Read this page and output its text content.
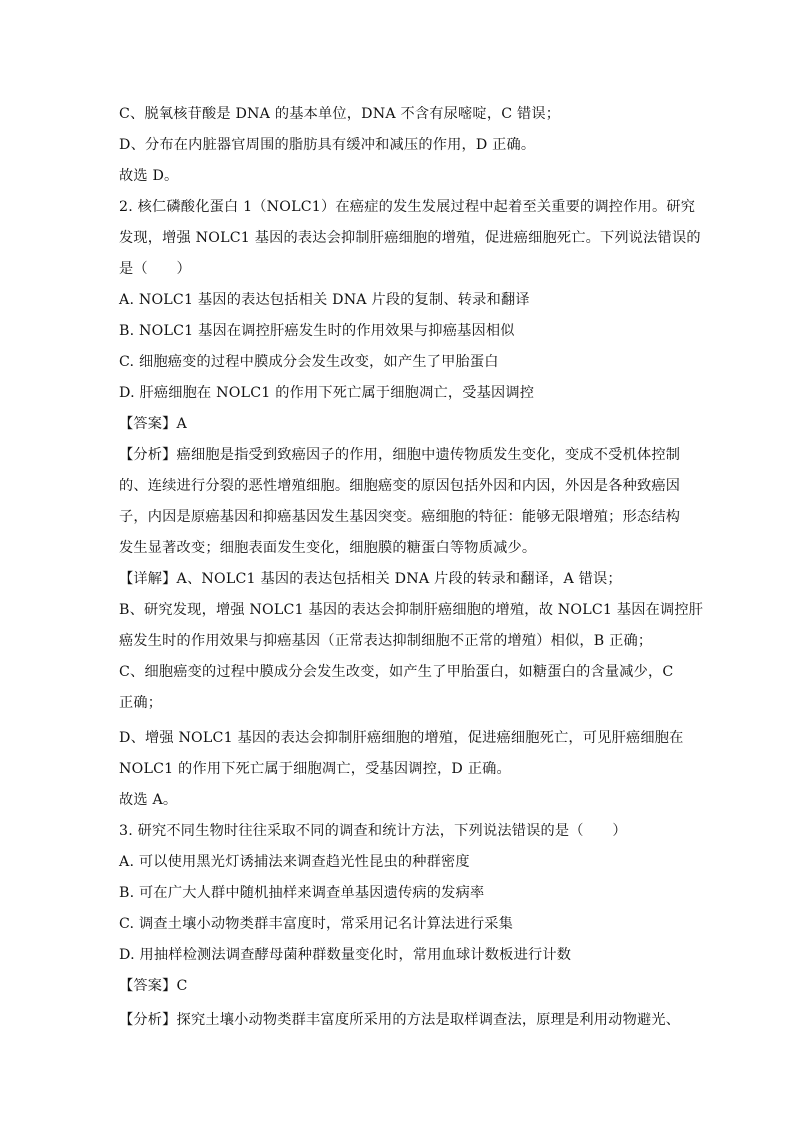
C、脱氧核苷酸是 DNA 的基本单位，DNA 不含有尿嘧啶，C 错误；
D、分布在内脏器官周围的脂肪具有缓冲和减压的作用，D 正确。
故选 D。
2. 核仁磷酸化蛋白 1（NOLC1）在癌症的发生发展过程中起着至关重要的调控作用。研究
发现，增强 NOLC1 基因的表达会抑制肝癌细胞的增殖，促进癌细胞死亡。下列说法错误的
是（　　）
A. NOLC1 基因的表达包括相关 DNA 片段的复制、转录和翻译
B. NOLC1 基因在调控肝癌发生时的作用效果与抑癌基因相似
C. 细胞癌变的过程中膜成分会发生改变，如产生了甲胎蛋白
D. 肝癌细胞在 NOLC1 的作用下死亡属于细胞凋亡，受基因调控
【答案】A
【分析】癌细胞是指受到致癌因子的作用，细胞中遗传物质发生变化，变成不受机体控制
的、连续进行分裂的恶性增殖细胞。细胞癌变的原因包括外因和内因，外因是各种致癌因
子，内因是原癌基因和抑癌基因发生基因突变。癌细胞的特征：能够无限增殖；形态结构
发生显著改变；细胞表面发生变化，细胞膜的糖蛋白等物质减少。
【详解】A、NOLC1 基因的表达包括相关 DNA 片段的转录和翻译，A 错误；
B、研究发现，增强 NOLC1 基因的表达会抑制肝癌细胞的增殖，故 NOLC1 基因在调控肝
癌发生时的作用效果与抑癌基因（正常表达抑制细胞不正常的增殖）相似，B 正确；
C、细胞癌变的过程中膜成分会发生改变，如产生了甲胎蛋白，如糖蛋白的含量减少，C
正确；
D、增强 NOLC1 基因的表达会抑制肝癌细胞的增殖，促进癌细胞死亡，可见肝癌细胞在
NOLC1 的作用下死亡属于细胞凋亡，受基因调控，D 正确。
故选 A。
3. 研究不同生物时往往采取不同的调查和统计方法，下列说法错误的是（　　）
A. 可以使用黑光灯诱捕法来调查趋光性昆虫的种群密度
B. 可在广大人群中随机抽样来调查单基因遗传病的发病率
C. 调查土壤小动物类群丰富度时，常采用记名计算法进行采集
D. 用抽样检测法调查酵母菌种群数量变化时，常用血球计数板进行计数
【答案】C
【分析】探究土壤小动物类群丰富度所采用的方法是取样调查法，原理是利用动物避光、
